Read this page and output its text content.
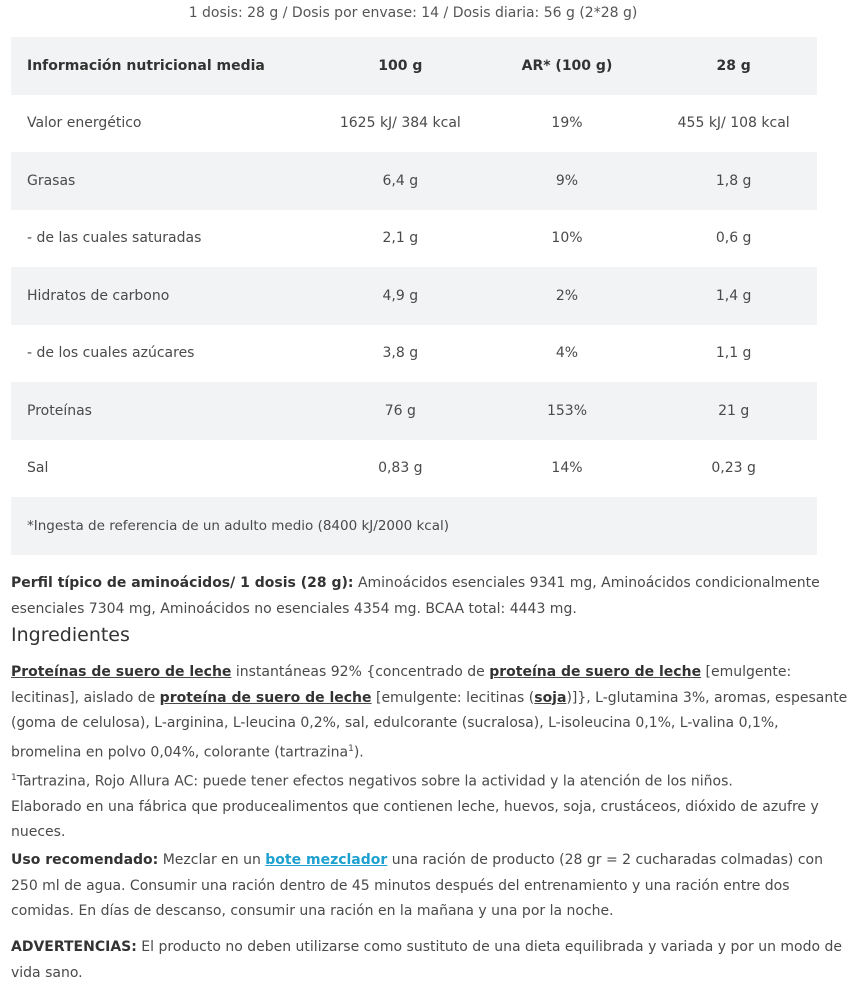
1 dosis: 28 g / Dosis por envase: 14 / Dosis diaria: 56 g (2*28 g)
Información nutricional media	100 g	AR* (100 g)	28 g
Valor energético	1625 kJ/ 384 kcal	19%	455 kJ/ 108 kcal
Grasas	6,4 g	9%	1,8 g
- de las cuales saturadas	2,1 g	10%	0,6 g
Hidratos de carbono	4,9 g	2%	1,4 g
- de los cuales azúcares	3,8 g	4%	1,1 g
Proteínas	76 g	153%	21 g
Sal	0,83 g	14%	0,23 g
*Ingesta de referencia de un adulto medio (8400 kJ/2000 kcal)			
Perfil típico de aminoácidos/ 1 dosis (28 g): Aminoácidos esenciales 9341 mg, Aminoácidos condicionalmente esenciales 7304 mg, Aminoácidos no esenciales 4354 mg. BCAA total: 4443 mg.
Ingredientes
Proteínas de suero de leche instantáneas 92% {concentrado de proteína de suero de leche [emulgente: lecitinas], aislado de proteína de suero de leche [emulgente: lecitinas (soja)]}, L-glutamina 3%, aromas, espesante (goma de celulosa), L-arginina, L-leucina 0,2%, sal, edulcorante (sucralosa), L-isoleucina 0,1%, L-valina 0,1%, bromelina en polvo 0,04%, colorante (tartrazina$^1$).
$^1$Tartrazina, Rojo Allura AC: puede tener efectos negativos sobre la actividad y la atención de los niños.
Elaborado en una fábrica que producealimentos que contienen leche, huevos, soja, crustáceos, dióxido de azufre y nueces.
Uso recomendado: Mezclar en un bote mezclador una ración de producto (28 gr = 2 cucharadas colmadas) con 250 ml de agua. Consumir una ración dentro de 45 minutos después del entrenamiento y una ración entre dos comidas. En días de descanso, consumir una ración en la mañana y una por la noche.
ADVERTENCIAS: El producto no deben utilizarse como sustituto de una dieta equilibrada y variada y por un modo de vida sano.
